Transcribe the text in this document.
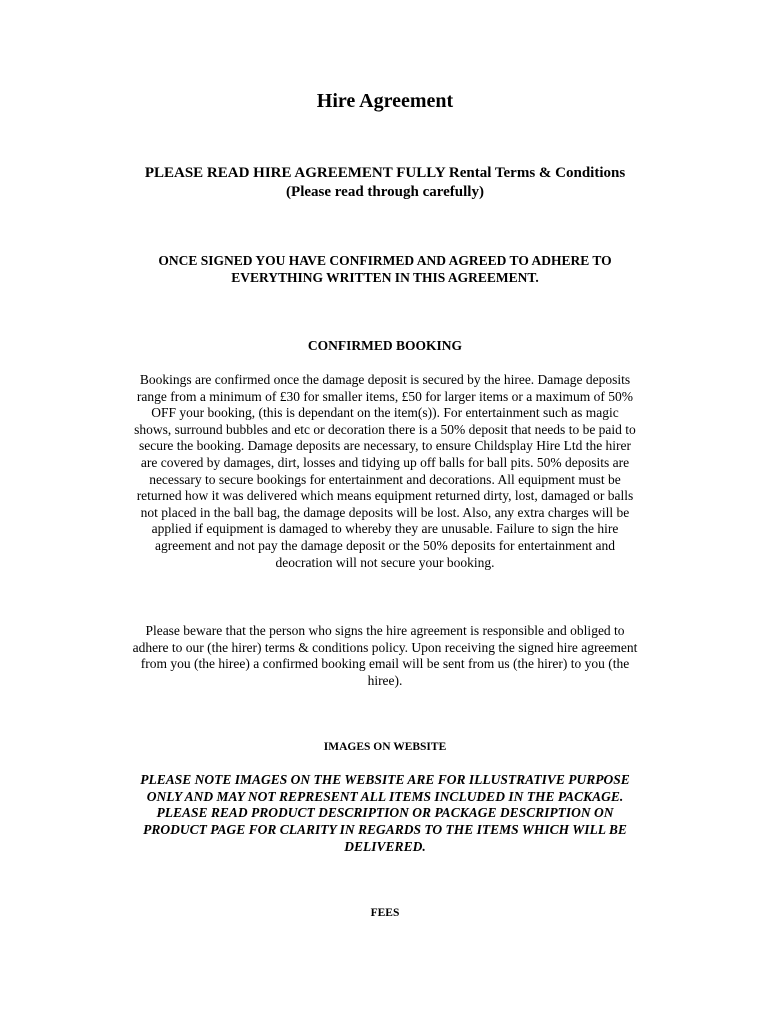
Hire Agreement
PLEASE READ HIRE AGREEMENT FULLY Rental Terms & Conditions
(Please read through carefully)
ONCE SIGNED YOU HAVE CONFIRMED AND AGREED TO ADHERE TO
EVERYTHING WRITTEN IN THIS AGREEMENT.
CONFIRMED BOOKING
Bookings are confirmed once the damage deposit is secured by the hiree. Damage deposits
range from a minimum of £30 for smaller items, £50 for larger items or a maximum of 50%
OFF your booking, (this is dependant on the item(s)). For entertainment such as magic
shows, surround bubbles and etc or decoration there is a 50% deposit that needs to be paid to
secure the booking. Damage deposits are necessary, to ensure Childsplay Hire Ltd the hirer
are covered by damages, dirt, losses and tidying up off balls for ball pits. 50% deposits are
necessary to secure bookings for entertainment and decorations. All equipment must be
returned how it was delivered which means equipment returned dirty, lost, damaged or balls
not placed in the ball bag, the damage deposits will be lost. Also, any extra charges will be
applied if equipment is damaged to whereby they are unusable. Failure to sign the hire
agreement and not pay the damage deposit or the 50% deposits for entertainment and
deocration will not secure your booking.
Please beware that the person who signs the hire agreement is responsible and obliged to
adhere to our (the hirer) terms & conditions policy. Upon receiving the signed hire agreement
from you (the hiree) a confirmed booking email will be sent from us (the hirer) to you (the
hiree).
IMAGES ON WEBSITE
PLEASE NOTE IMAGES ON THE WEBSITE ARE FOR ILLUSTRATIVE PURPOSE
ONLY AND MAY NOT REPRESENT ALL ITEMS INCLUDED IN THE PACKAGE.
PLEASE READ PRODUCT DESCRIPTION OR PACKAGE DESCRIPTION ON
PRODUCT PAGE FOR CLARITY IN REGARDS TO THE ITEMS WHICH WILL BE
DELIVERED.
FEES
